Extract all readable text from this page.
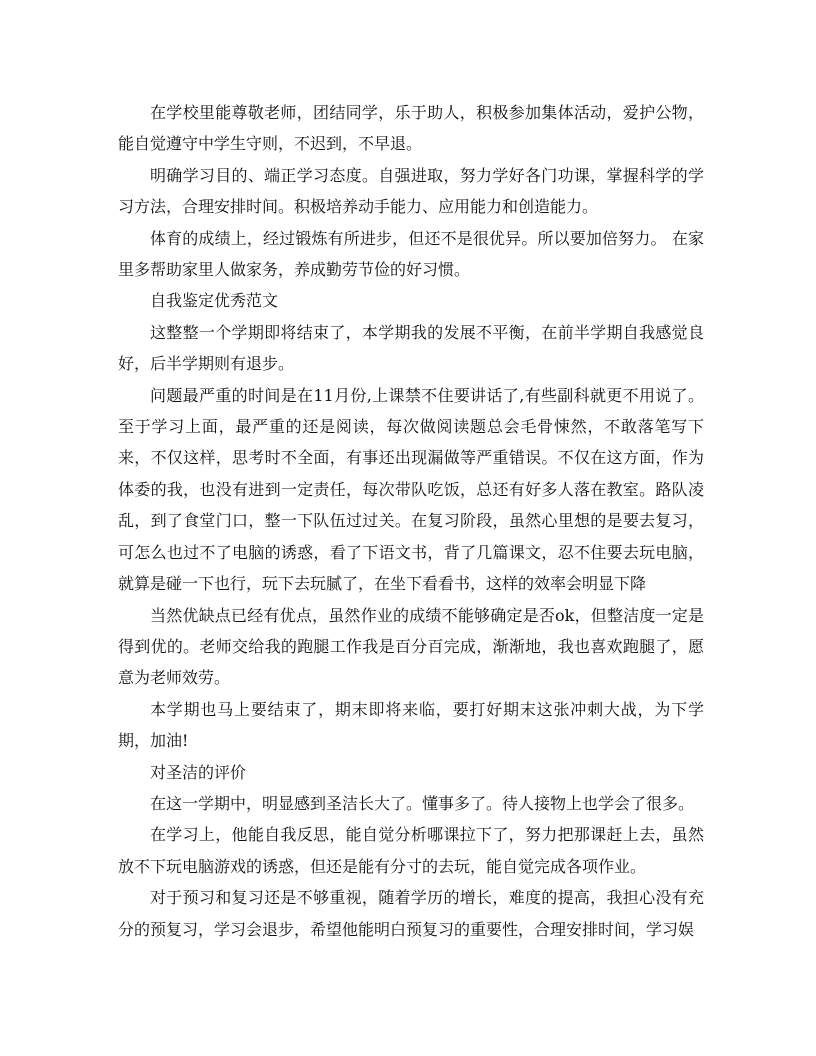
在学校里能尊敬老师，团结同学，乐于助人，积极参加集体活动，爱护公物，能自觉遵守中学生守则，不迟到，不早退。

明确学习目的、端正学习态度。自强进取，努力学好各门功课，掌握科学的学习方法，合理安排时间。积极培养动手能力、应用能力和创造能力。

体育的成绩上，经过锻炼有所进步，但还不是很优异。所以要加倍努力。 在家里多帮助家里人做家务，养成勤劳节俭的好习惯。

自我鉴定优秀范文

这整整一个学期即将结束了，本学期我的发展不平衡，在前半学期自我感觉良好，后半学期则有退步。

问题最严重的时间是在11月份,上课禁不住要讲话了,有些副科就更不用说了。至于学习上面，最严重的还是阅读，每次做阅读题总会毛骨悚然，不敢落笔写下来，不仅这样，思考时不全面，有事还出现漏做等严重错误。不仅在这方面，作为体委的我，也没有进到一定责任，每次带队吃饭，总还有好多人落在教室。路队凌乱，到了食堂门口，整一下队伍过过关。在复习阶段，虽然心里想的是要去复习，可怎么也过不了电脑的诱惑，看了下语文书，背了几篇课文，忍不住要去玩电脑，就算是碰一下也行，玩下去玩腻了，在坐下看看书，这样的效率会明显下降

当然优缺点已经有优点，虽然作业的成绩不能够确定是否ok，但整洁度一定是得到优的。老师交给我的跑腿工作我是百分百完成，渐渐地，我也喜欢跑腿了，愿意为老师效劳。

本学期也马上要结束了，期末即将来临，要打好期末这张冲刺大战，为下学期，加油!

对圣洁的评价

在这一学期中，明显感到圣洁长大了。懂事多了。待人接物上也学会了很多。

在学习上，他能自我反思，能自觉分析哪课拉下了，努力把那课赶上去，虽然放不下玩电脑游戏的诱惑，但还是能有分寸的去玩，能自觉完成各项作业。

对于预习和复习还是不够重视，随着学历的增长，难度的提高，我担心没有充分的预复习，学习会退步，希望他能明白预复习的重要性，合理安排时间，学习娱
